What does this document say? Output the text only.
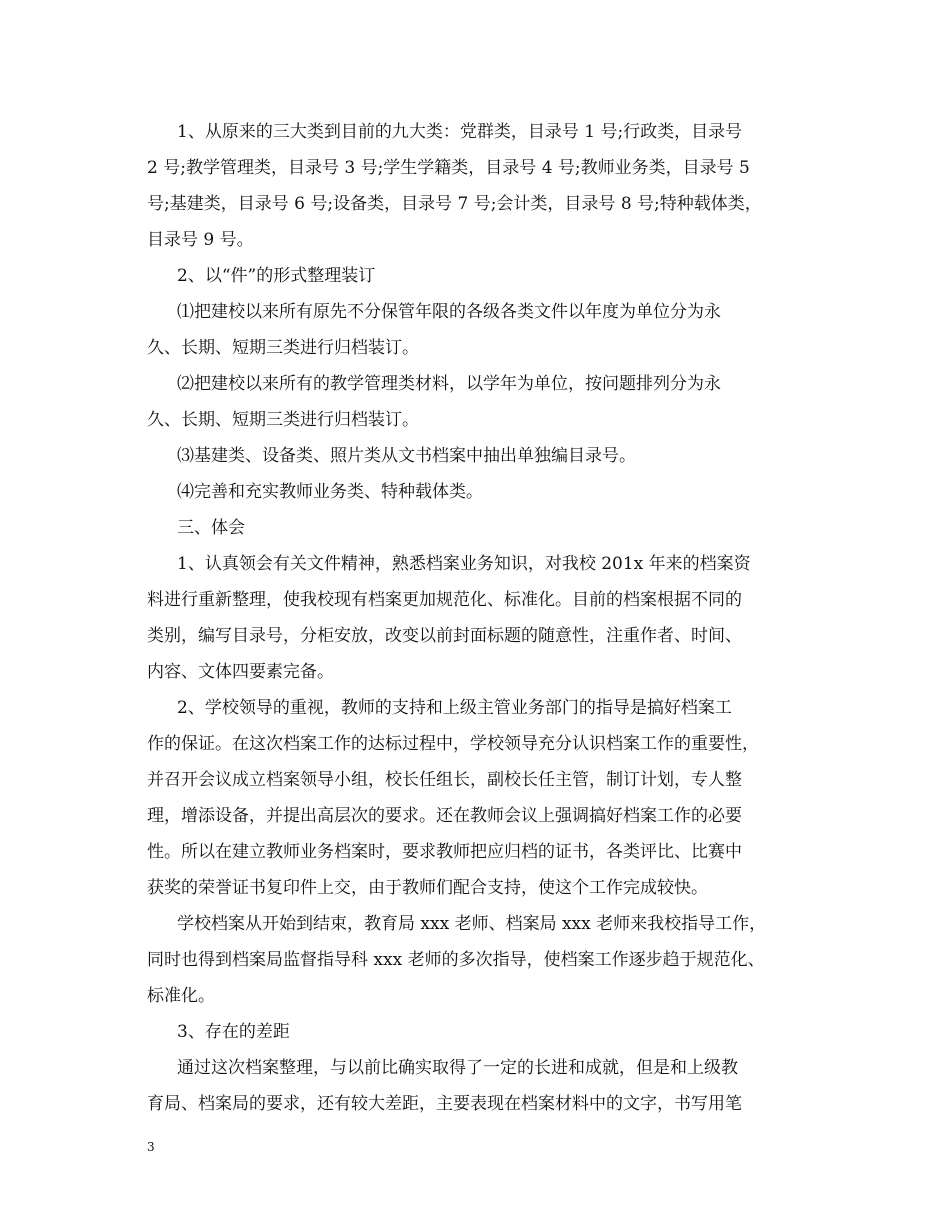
1、从原来的三大类到目前的九大类：党群类，目录号 1 号;行政类，目录号
2 号;教学管理类，目录号 3 号;学生学籍类，目录号 4 号;教师业务类，目录号 5
号;基建类，目录号 6 号;设备类，目录号 7 号;会计类，目录号 8 号;特种载体类，
目录号 9 号。
2、以“件”的形式整理装订
⑴把建校以来所有原先不分保管年限的各级各类文件以年度为单位分为永
久、长期、短期三类进行归档装订。
⑵把建校以来所有的教学管理类材料，以学年为单位，按问题排列分为永
久、长期、短期三类进行归档装订。
⑶基建类、设备类、照片类从文书档案中抽出单独编目录号。
⑷完善和充实教师业务类、特种载体类。
三、体会
1、认真领会有关文件精神，熟悉档案业务知识，对我校 201x 年来的档案资
料进行重新整理，使我校现有档案更加规范化、标准化。目前的档案根据不同的
类别，编写目录号，分柜安放，改变以前封面标题的随意性，注重作者、时间、
内容、文体四要素完备。
2、学校领导的重视，教师的支持和上级主管业务部门的指导是搞好档案工
作的保证。在这次档案工作的达标过程中，学校领导充分认识档案工作的重要性，
并召开会议成立档案领导小组，校长任组长，副校长任主管，制订计划，专人整
理，增添设备，并提出高层次的要求。还在教师会议上强调搞好档案工作的必要
性。所以在建立教师业务档案时，要求教师把应归档的证书，各类评比、比赛中
获奖的荣誉证书复印件上交，由于教师们配合支持，使这个工作完成较快。
学校档案从开始到结束，教育局 xxx 老师、档案局 xxx 老师来我校指导工作，
同时也得到档案局监督指导科 xxx 老师的多次指导，使档案工作逐步趋于规范化、
标准化。
3、存在的差距
通过这次档案整理，与以前比确实取得了一定的长进和成就，但是和上级教
育局、档案局的要求，还有较大差距，主要表现在档案材料中的文字，书写用笔
3
